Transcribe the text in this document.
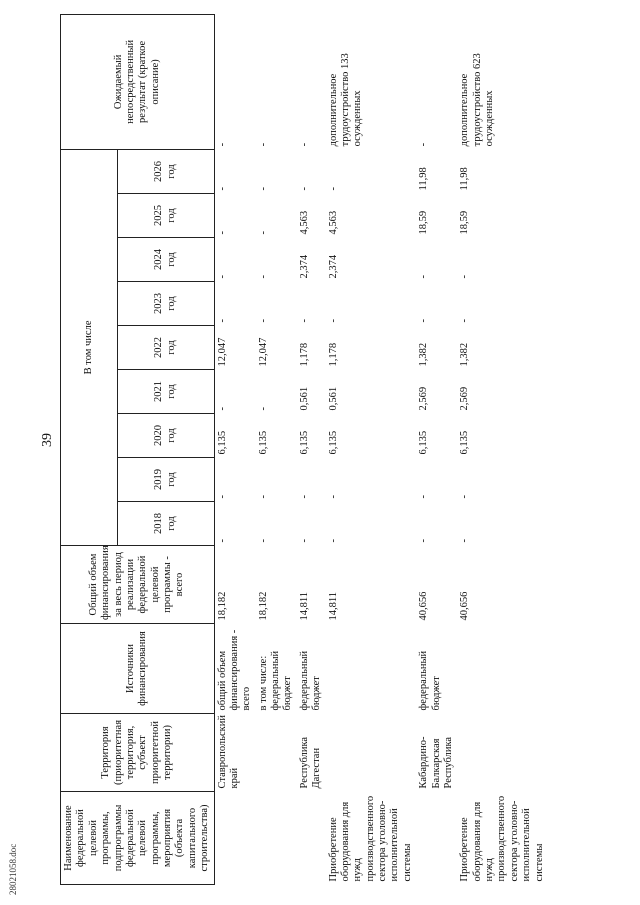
39
28021058.doc	Наименование федеральной целевой программы, подпрограммы федеральной целевой программы, мероприятия (объекта капитального строительства)	Территория (приоритетная территория, субъект приоритетной территории)	Источники финансирования	Общий объем финансирования за весь период реализации федеральной целевой программы - всего	В том числе									Ожидаемый непосредственный результат (краткое описание)
				2018 год	2019 год	2020 год	2021 год	2022 год	2023 год	2024 год	2025 год	2026 год	
	Ставропольский край	общий объем финансирования - всего	18,182	-	-	6,135	-	12,047	-	-	-	-	-
		в том числе: федеральный бюджет	18,182	-	-	6,135	-	12,047	-	-	-	-	-
	Республика Дагестан	федеральный бюджет	14,811	-	-	6,135	0,561	1,178	-	2,374	4,563	-	-
Приобретение оборудования для нужд производственного сектора уголовно-исполнительной системы			14,811	-	-	6,135	0,561	1,178	-	2,374	4,563	-	дополнительное трудоустройство 133 осужденных
	Кабардино-Балкарская Республика	федеральный бюджет	40,656	-	-	6,135	2,569	1,382	-	-	18,59	11,98	-
Приобретение оборудования для нужд производственного сектора уголовно-исполнительной системы			40,656	-	-	6,135	2,569	1,382	-	-	18,59	11,98	дополнительное трудоустройство 623 осужденных
